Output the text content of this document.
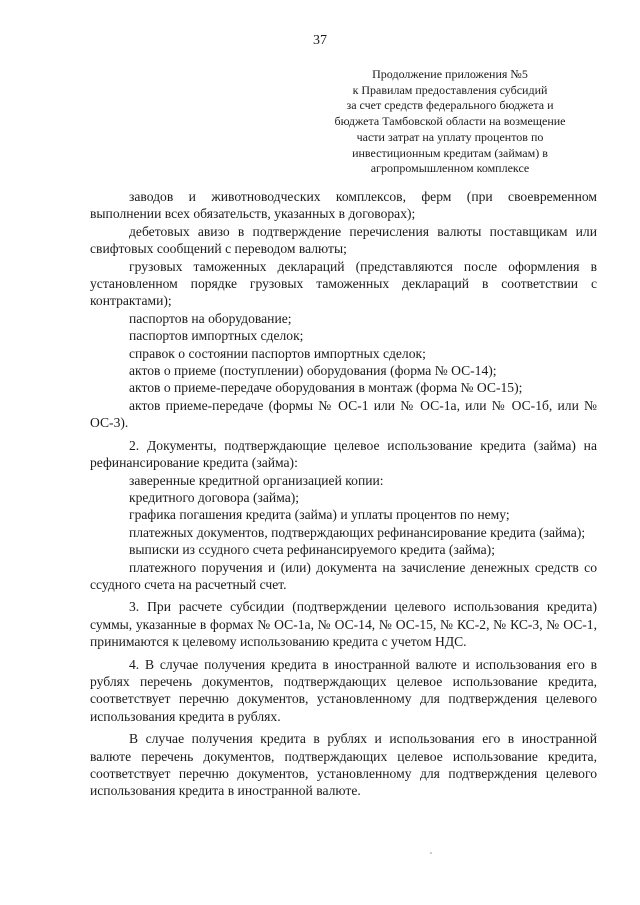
37
Продолжение приложения №5
к Правилам предоставления субсидий
за счет средств федерального бюджета и
бюджета Тамбовской области на возмещение
части затрат на уплату процентов по
инвестиционным кредитам (займам) в
агропромышленном комплексе

заводов и животноводческих комплексов, ферм (при своевременном выполнении всех обязательств, указанных в договорах);

дебетовых авизо в подтверждение перечисления валюты поставщикам или свифтовых сообщений с переводом валюты;

грузовых таможенных деклараций (представляются после оформления в установленном порядке грузовых таможенных деклараций в соответствии с контрактами);

паспортов на оборудование;

паспортов импортных сделок;

справок о состоянии паспортов импортных сделок;

актов о приеме (поступлении) оборудования (форма № ОС-14);

актов о приеме-передаче оборудования в монтаж (форма № ОС-15);

актов приеме-передаче (формы № ОС-1 или № ОС-1а, или № ОС-1б, или № ОС-3).

2. Документы, подтверждающие целевое использование кредита (займа) на рефинансирование кредита (займа):

заверенные кредитной организацией копии:

кредитного договора (займа);

графика погашения кредита (займа) и уплаты процентов по нему;

платежных документов, подтверждающих рефинансирование кредита (займа);

выписки из ссудного счета рефинансируемого кредита (займа);

платежного поручения и (или) документа на зачисление денежных средств со ссудного счета на расчетный счет.

3. При расчете субсидии (подтверждении целевого использования кредита) суммы, указанные в формах № ОС-1а, № ОС-14, № ОС-15, № КС-2, № КС-3, № ОС-1, принимаются к целевому использованию кредита с учетом НДС.

4. В случае получения кредита в иностранной валюте и использования его в рублях перечень документов, подтверждающих целевое использование кредита, соответствует перечню документов, установленному для подтверждения целевого использования кредита в рублях.

В случае получения кредита в рублях и использования его в иностранной валюте перечень документов, подтверждающих целевое использование кредита, соответствует перечню документов, установленному для подтверждения целевого использования кредита в иностранной валюте.
